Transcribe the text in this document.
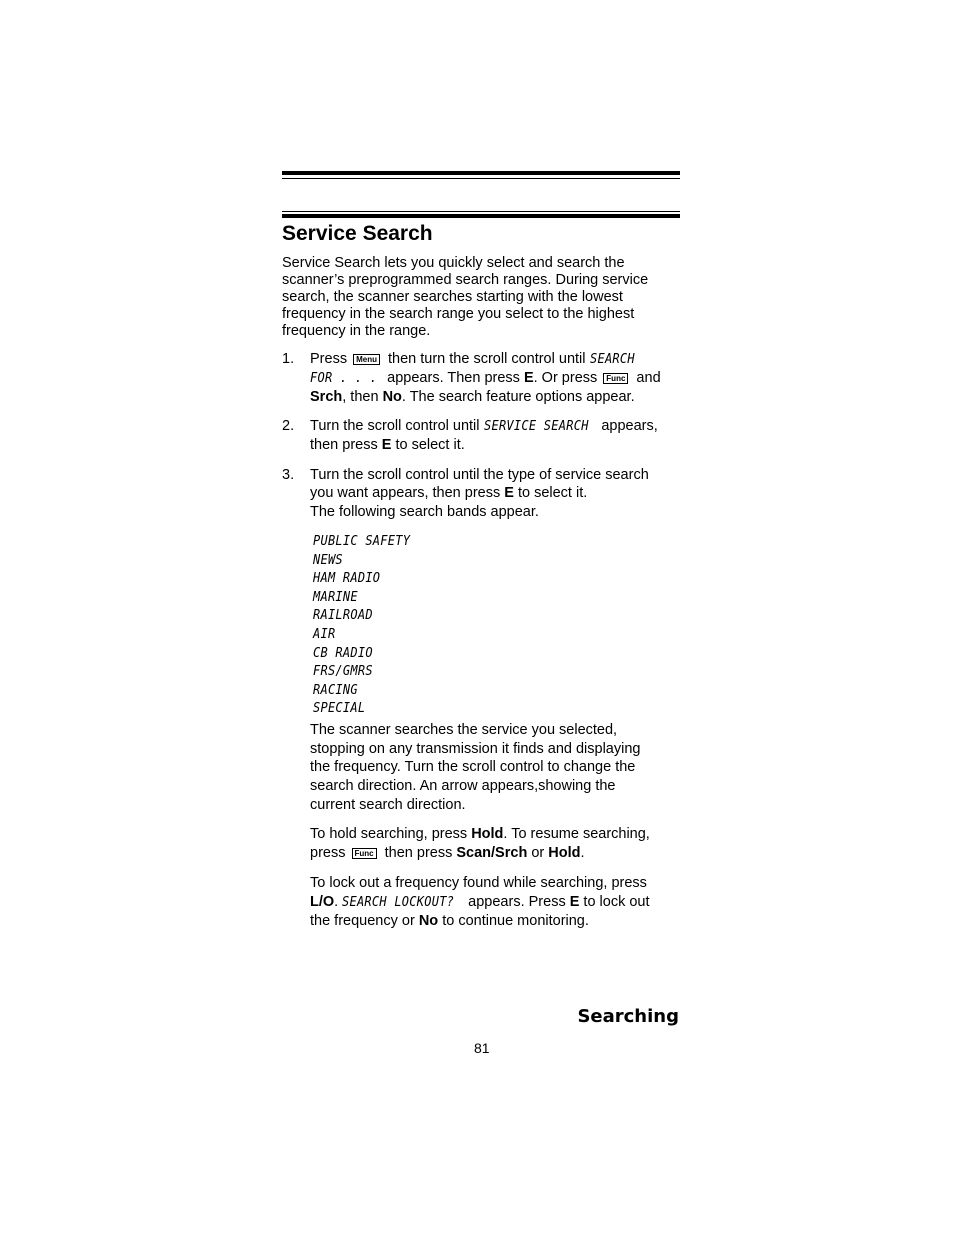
Service Search
Service Search lets you quickly select and search the
scanner’s preprogrammed search ranges. During service
search, the scanner searches starting with the lowest
frequency in the search range you select to the highest
frequency in the range.
1. Press Menu then turn the scroll control until SEARCH
FOR . . . appears. Then press E. Or press Func and
Srch, then No. The search feature options appear.
2. Turn the scroll control until SERVICE SEARCH appears,
then press E to select it.
3. Turn the scroll control until the type of service search
you want appears, then press E to select it.
The following search bands appear.
PUBLIC SAFETY
NEWS
HAM RADIO
MARINE
RAILROAD
AIR
CB RADIO
FRS/GMRS
RACING
SPECIAL
The scanner searches the service you selected,
stopping on any transmission it finds and displaying
the frequency. Turn the scroll control to change the
search direction. An arrow appears,showing the
current search direction.
To hold searching, press Hold. To resume searching,
press Func then press Scan/Srch or Hold.
To lock out a frequency found while searching, press
L/O. SEARCH LOCKOUT? appears. Press E to lock out
the frequency or No to continue monitoring.
Searching
81
